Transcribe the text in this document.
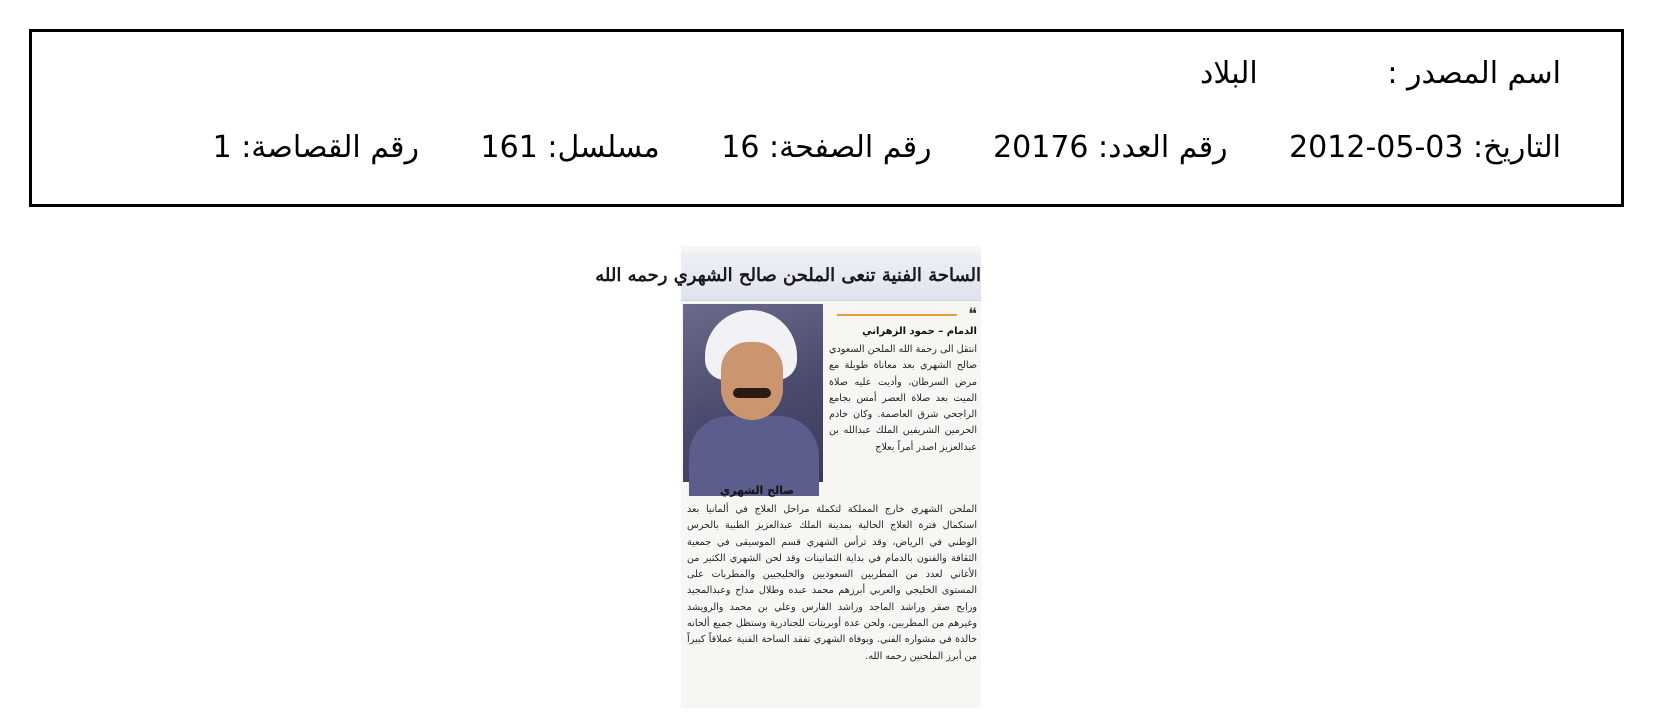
اسم المصدر : البلاد
التاريخ: 03-05-2012 رقم العدد: 20176 رقم الصفحة: 16 مسلسل: 161 رقم القصاصة: 1
الساحة الفنية تنعى الملحن صالح الشهري رحمه الله
صالح الشهري
❝
الدمام – حمود الزهراني
انتقل الى رحمة الله الملحن السعودي صالح الشهري بعد معاناة طويلة مع مرض السرطان، وأديت عليه صلاة الميت بعد صلاة العصر أمس بجامع الراجحي شرق العاصمة. وكان خادم الحرمين الشريفين الملك عبدالله بن عبدالعزيز اصدر أمراً بعلاج
الملحن الشهري خارج المملكة لتكملة مراحل العلاج في ألمانيا بعد استكمال فترة العلاج الحالية بمدينة الملك عبدالعزيز الطبية بالحرس الوطني في الرياض، وقد ترأس الشهري قسم الموسيقى في جمعية الثقافة والفنون بالدمام في بداية الثمانينات وقد لحن الشهري الكثير من الأغاني لعدد من المطربين السعوديين والخليجيين والمطربات على المستوى الخليجي والعربي أبرزهم محمد عبده وطلال مداح وعبدالمجيد ورابح صقر وراشد الماجد وراشد الفارس وعلي بن محمد والرويشد وغيرهم من المطربين، ولحن عدة أوبريتات للجنادرية وستظل جميع ألحانه خالدة في مشواره الفني. وبوفاة الشهري تفقد الساحة الفنية عملاقاً كبيراً من أبرز الملحنين رحمه الله.
